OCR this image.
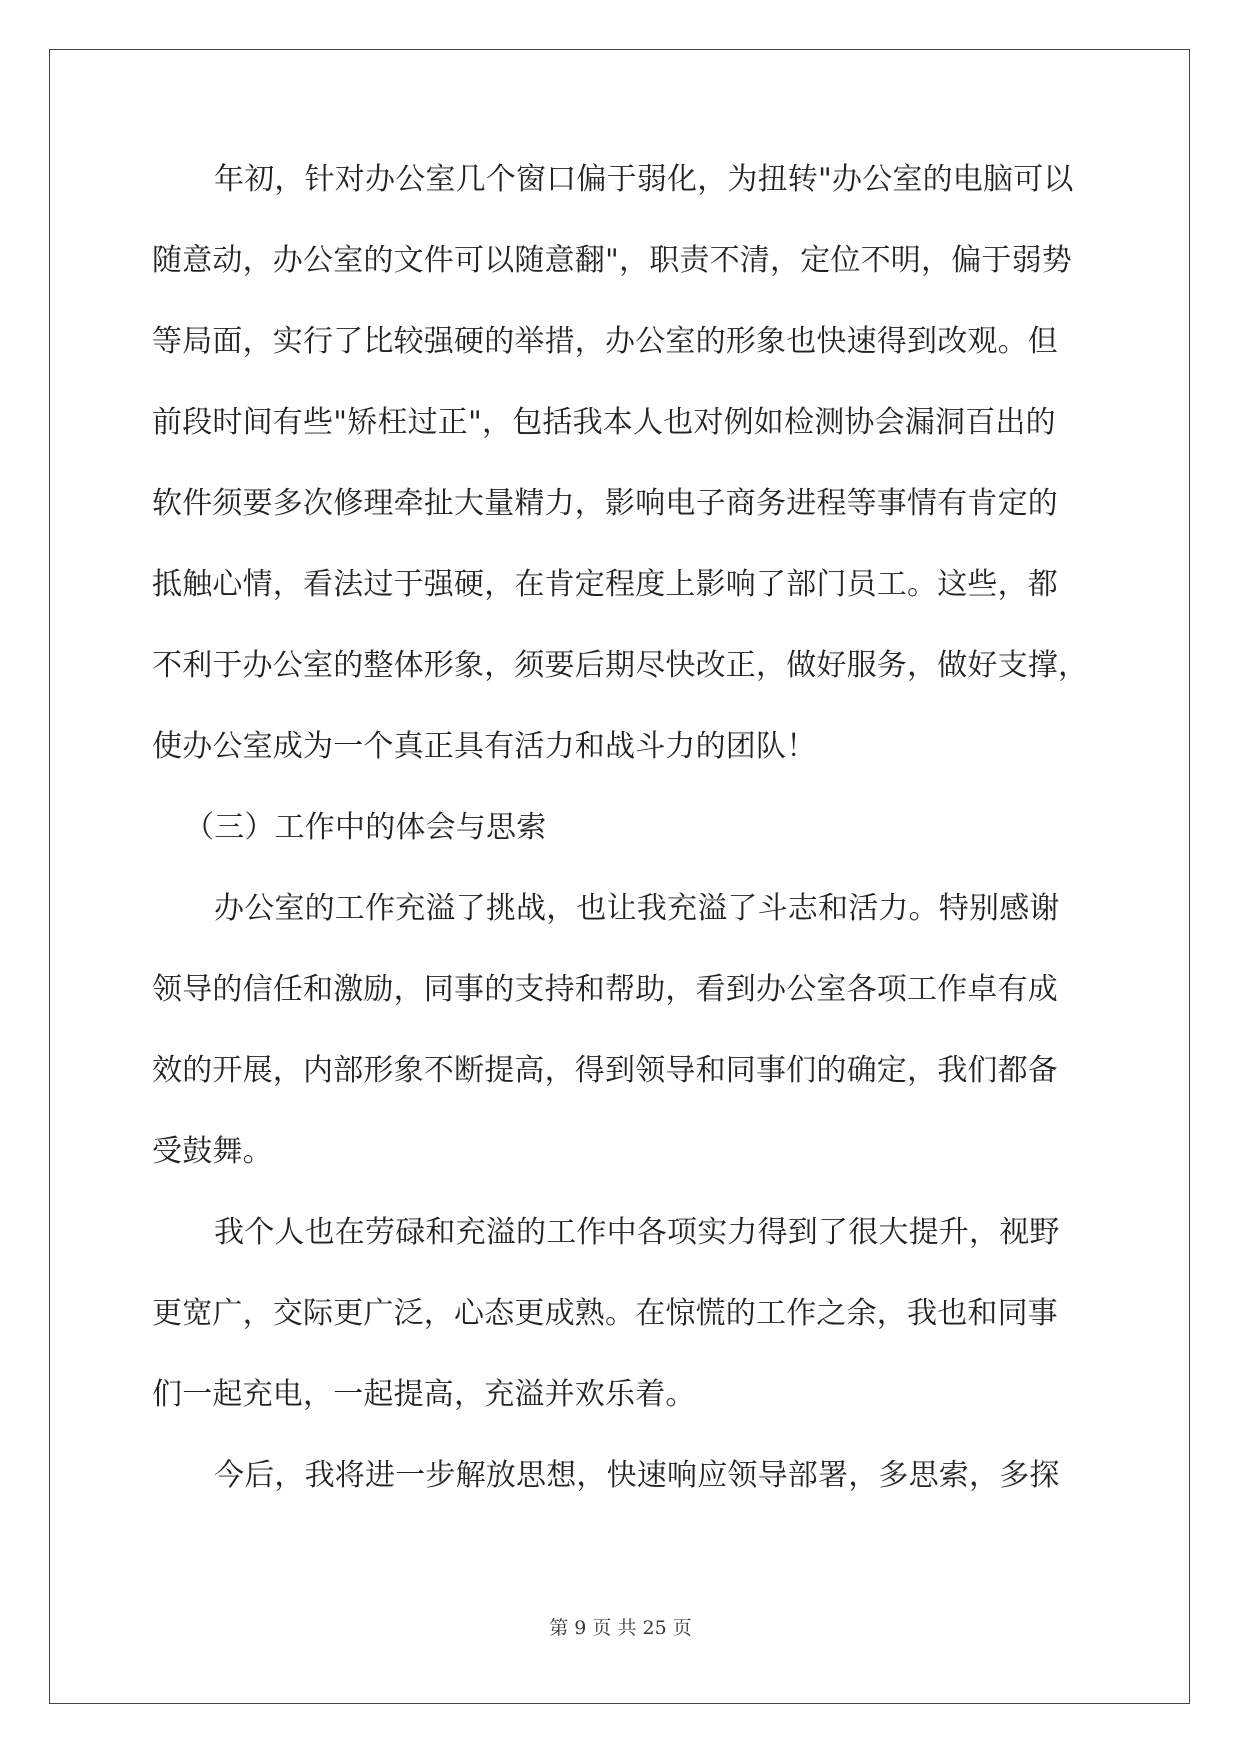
年初，针对办公室几个窗口偏于弱化，为扭转"办公室的电脑可以

随意动，办公室的文件可以随意翻"，职责不清，定位不明，偏于弱势

等局面，实行了比较强硬的举措，办公室的形象也快速得到改观。但

前段时间有些"矫枉过正"，包括我本人也对例如检测协会漏洞百出的

软件须要多次修理牵扯大量精力，影响电子商务进程等事情有肯定的

抵触心情，看法过于强硬，在肯定程度上影响了部门员工。这些，都

不利于办公室的整体形象，须要后期尽快改正，做好服务，做好支撑，

使办公室成为一个真正具有活力和战斗力的团队！

（三）工作中的体会与思索

办公室的工作充溢了挑战，也让我充溢了斗志和活力。特别感谢

领导的信任和激励，同事的支持和帮助，看到办公室各项工作卓有成

效的开展，内部形象不断提高，得到领导和同事们的确定，我们都备

受鼓舞。

我个人也在劳碌和充溢的工作中各项实力得到了很大提升，视野

更宽广，交际更广泛，心态更成熟。在惊慌的工作之余，我也和同事

们一起充电，一起提高，充溢并欢乐着。

今后，我将进一步解放思想，快速响应领导部署，多思索，多探

第 9 页 共 25 页
